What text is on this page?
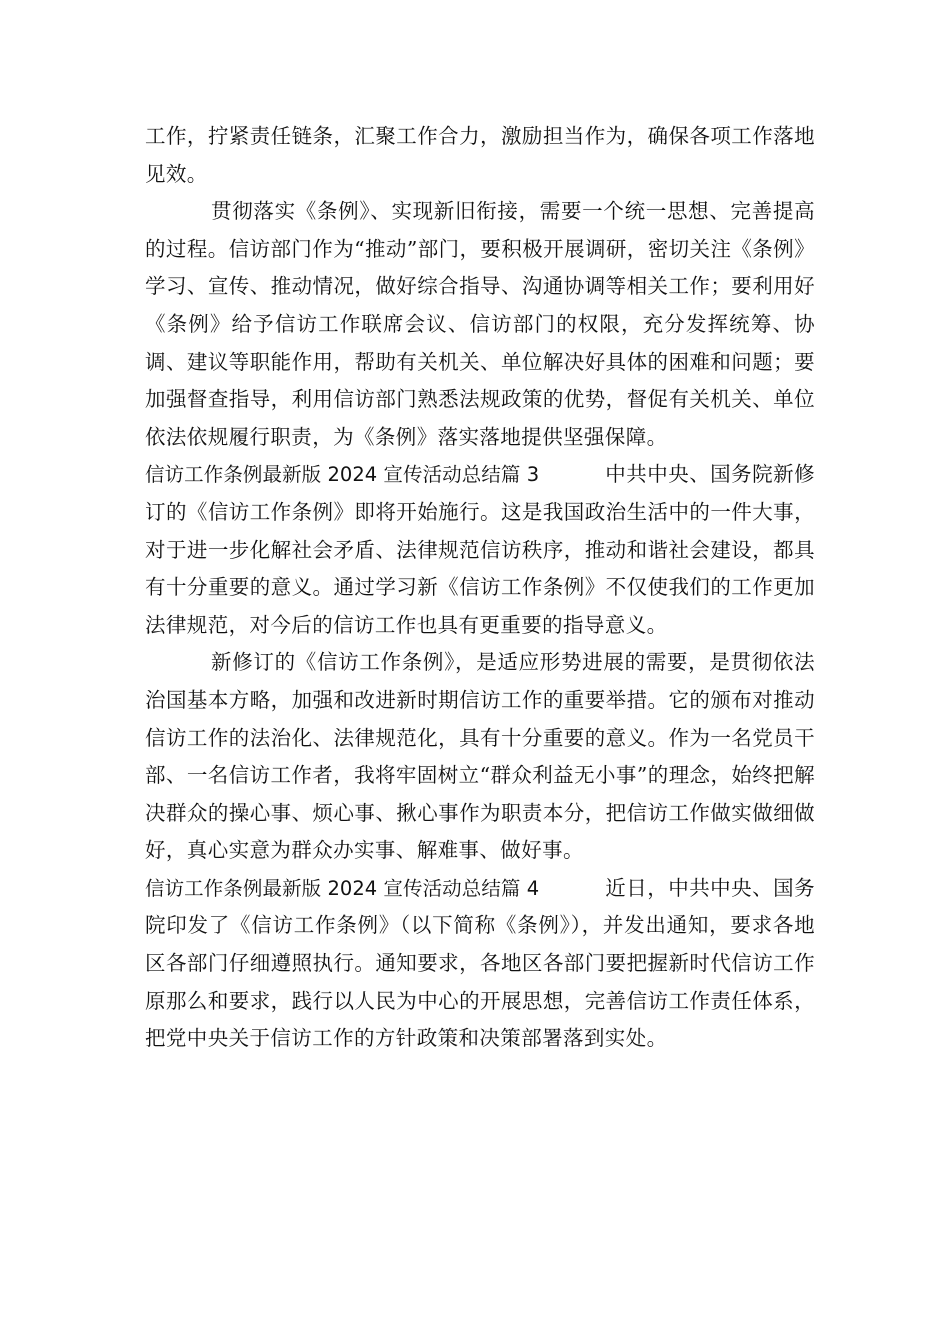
工作，拧紧责任链条，汇聚工作合力，激励担当作为，确保各项工作落地见效。

贯彻落实《条例》、实现新旧衔接，需要一个统一思想、完善提高的过程。信访部门作为“推动”部门，要积极开展调研，密切关注《条例》学习、宣传、推动情况，做好综合指导、沟通协调等相关工作；要利用好《条例》给予信访工作联席会议、信访部门的权限，充分发挥统筹、协调、建议等职能作用，帮助有关机关、单位解决好具体的困难和问题；要加强督查指导，利用信访部门熟悉法规政策的优势，督促有关机关、单位依法依规履行职责，为《条例》落实落地提供坚强保障。

信访工作条例最新版 2024 宣传活动总结篇 3	中共中央、国务院新修订的《信访工作条例》即将开始施行。这是我国政治生活中的一件大事，对于进一步化解社会矛盾、法律规范信访秩序，推动和谐社会建设，都具有十分重要的意义。通过学习新《信访工作条例》不仅使我们的工作更加法律规范，对今后的信访工作也具有更重要的指导意义。

新修订的《信访工作条例》，是适应形势进展的需要，是贯彻依法治国基本方略，加强和改进新时期信访工作的重要举措。它的颁布对推动信访工作的法治化、法律规范化，具有十分重要的意义。作为一名党员干部、一名信访工作者，我将牢固树立“群众利益无小事”的理念，始终把解决群众的操心事、烦心事、揪心事作为职责本分，把信访工作做实做细做好，真心实意为群众办实事、解难事、做好事。

信访工作条例最新版 2024 宣传活动总结篇 4	近日，中共中央、国务院印发了《信访工作条例》（以下简称《条例》），并发出通知，要求各地区各部门仔细遵照执行。通知要求，各地区各部门要把握新时代信访工作原那么和要求，践行以人民为中心的开展思想，完善信访工作责任体系，把党中央关于信访工作的方针政策和决策部署落到实处。
